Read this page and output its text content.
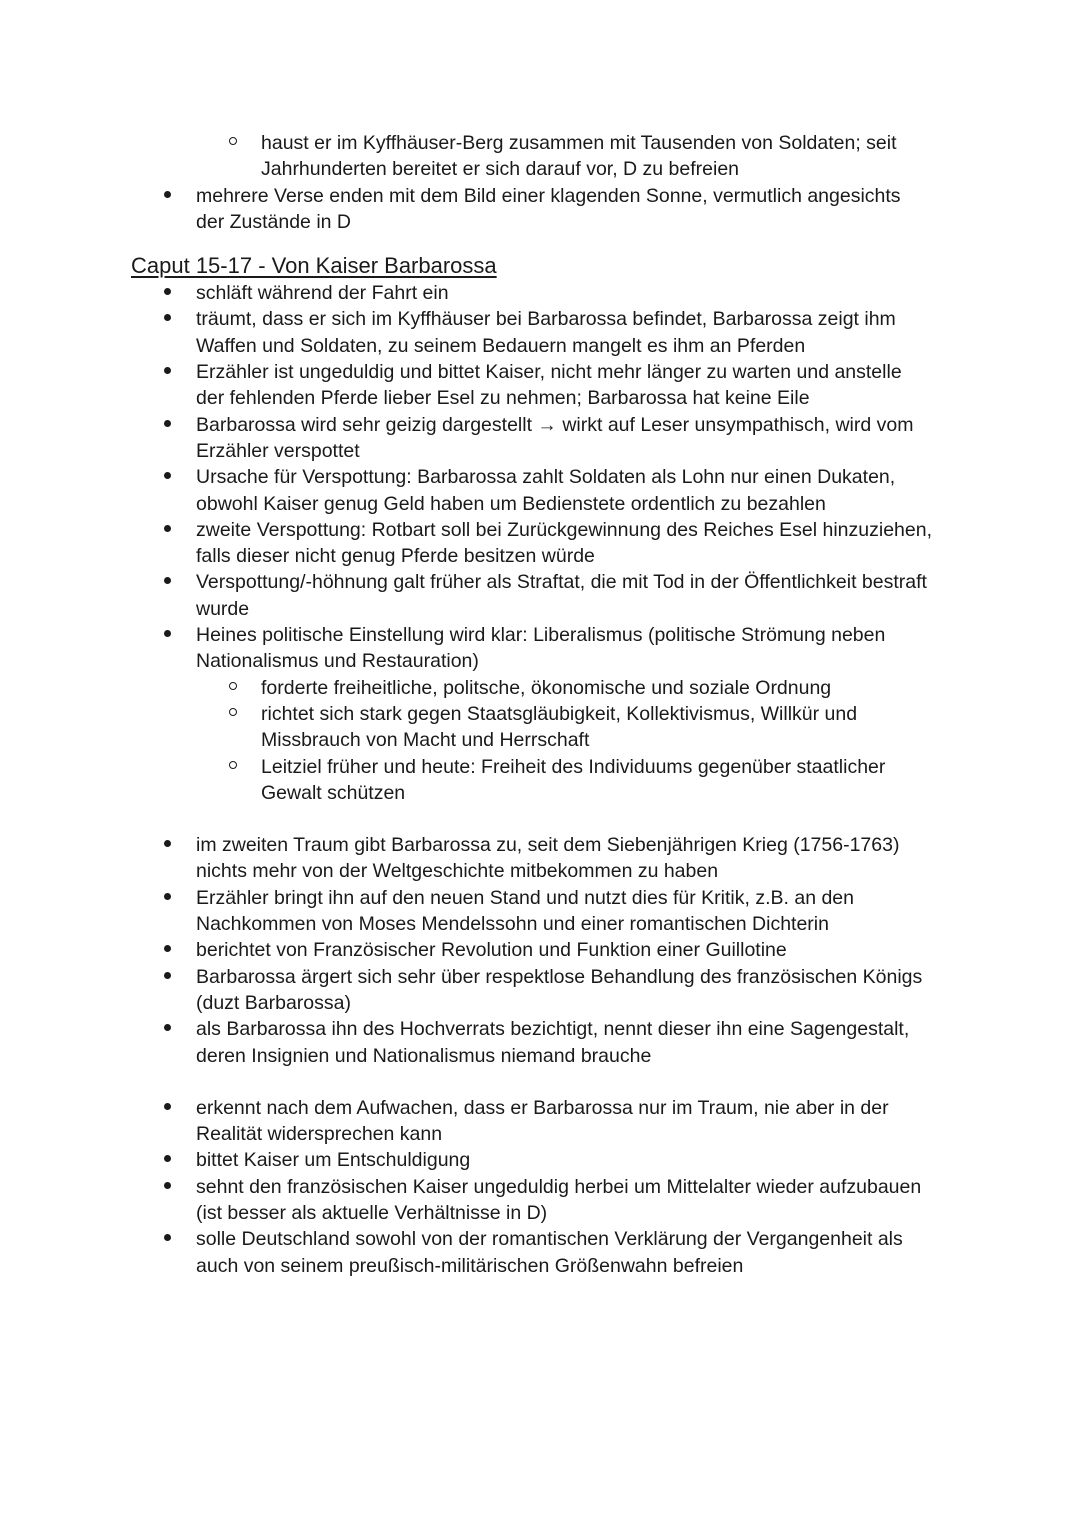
haust er im Kyffhäuser-Berg zusammen mit Tausenden von Soldaten; seit
Jahrhunderten bereitet er sich darauf vor, D zu befreien
mehrere Verse enden mit dem Bild einer klagenden Sonne, vermutlich angesichts
der Zustände in D
Caput 15-17 - Von Kaiser Barbarossa
schläft während der Fahrt ein
träumt, dass er sich im Kyffhäuser bei Barbarossa befindet, Barbarossa zeigt ihm
Waffen und Soldaten, zu seinem Bedauern mangelt es ihm an Pferden
Erzähler ist ungeduldig und bittet Kaiser, nicht mehr länger zu warten und anstelle
der fehlenden Pferde lieber Esel zu nehmen; Barbarossa hat keine Eile
Barbarossa wird sehr geizig dargestellt → wirkt auf Leser unsympathisch, wird vom
Erzähler verspottet
Ursache für Verspottung: Barbarossa zahlt Soldaten als Lohn nur einen Dukaten,
obwohl Kaiser genug Geld haben um Bedienstete ordentlich zu bezahlen
zweite Verspottung: Rotbart soll bei Zurückgewinnung des Reiches Esel hinzuziehen,
falls dieser nicht genug Pferde besitzen würde
Verspottung/-höhnung galt früher als Straftat, die mit Tod in der Öffentlichkeit bestraft
wurde
Heines politische Einstellung wird klar: Liberalismus (politische Strömung neben
Nationalismus und Restauration)
forderte freiheitliche, politsche, ökonomische und soziale Ordnung
richtet sich stark gegen Staatsgläubigkeit, Kollektivismus, Willkür und
Missbrauch von Macht und Herrschaft
Leitziel früher und heute: Freiheit des Individuums gegenüber staatlicher
Gewalt schützen
im zweiten Traum gibt Barbarossa zu, seit dem Siebenjährigen Krieg (1756-1763)
nichts mehr von der Weltgeschichte mitbekommen zu haben
Erzähler bringt ihn auf den neuen Stand und nutzt dies für Kritik, z.B. an den
Nachkommen von Moses Mendelssohn und einer romantischen Dichterin
berichtet von Französischer Revolution und Funktion einer Guillotine
Barbarossa ärgert sich sehr über respektlose Behandlung des französischen Königs
(duzt Barbarossa)
als Barbarossa ihn des Hochverrats bezichtigt, nennt dieser ihn eine Sagengestalt,
deren Insignien und Nationalismus niemand brauche
erkennt nach dem Aufwachen, dass er Barbarossa nur im Traum, nie aber in der
Realität widersprechen kann
bittet Kaiser um Entschuldigung
sehnt den französischen Kaiser ungeduldig herbei um Mittelalter wieder aufzubauen
(ist besser als aktuelle Verhältnisse in D)
solle Deutschland sowohl von der romantischen Verklärung der Vergangenheit als
auch von seinem preußisch-militärischen Größenwahn befreien
